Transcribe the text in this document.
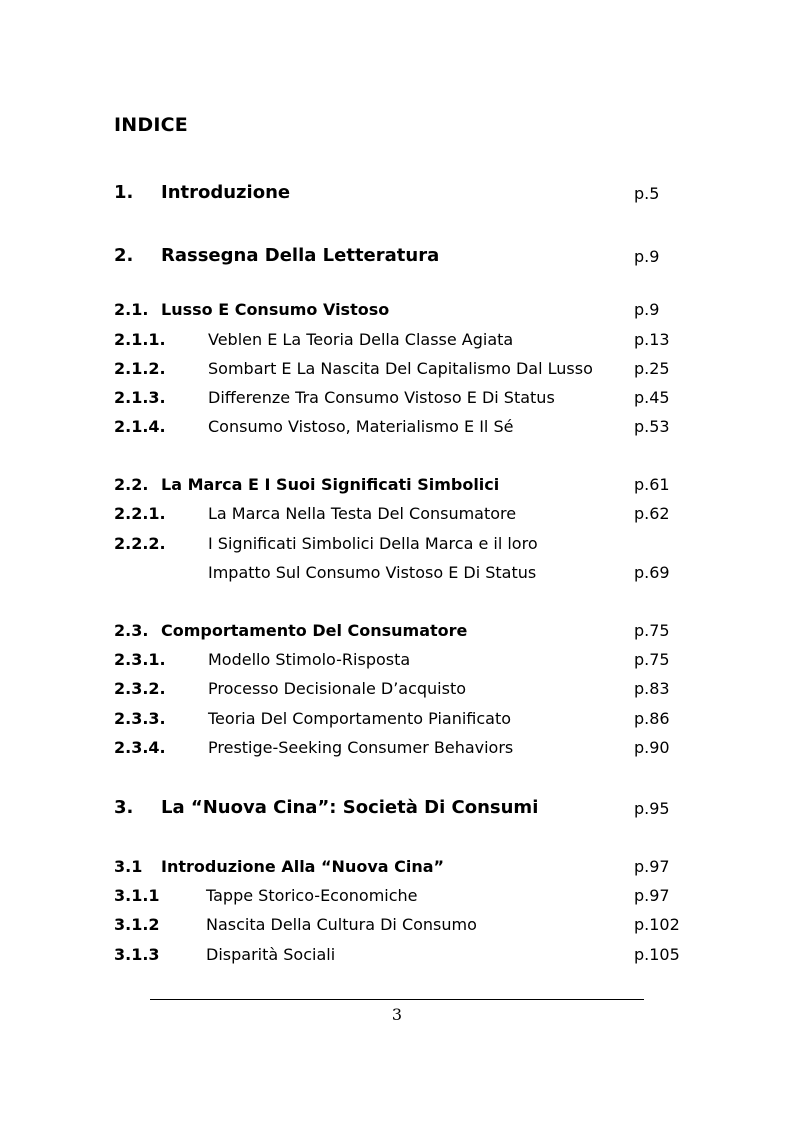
INDICE
1. Introduzione	p.5
2. Rassegna Della Letteratura	p.9
2.1. Lusso E Consumo Vistoso	p.9
2.1.1.	Veblen E La Teoria Della Classe Agiata	p.13
2.1.2.	Sombart E La Nascita Del Capitalismo Dal Lusso	p.25
2.1.3.	Differenze Tra Consumo Vistoso E Di Status	p.45
2.1.4.	Consumo Vistoso, Materialismo E Il Sé	p.53
2.2. La Marca E I Suoi Significati Simbolici	p.61
2.2.1.	La Marca Nella Testa Del Consumatore	p.62
2.2.2.	I Significati Simbolici Della Marca e il loro
Impatto Sul Consumo Vistoso E Di Status	p.69
2.3. Comportamento Del Consumatore	p.75
2.3.1.	Modello Stimolo-Risposta	p.75
2.3.2.	Processo Decisionale D’acquisto	p.83
2.3.3.	Teoria Del Comportamento Pianificato	p.86
2.3.4.	Prestige-Seeking Consumer Behaviors	p.90
3. La “Nuova Cina”: Società Di Consumi	p.95
3.1 Introduzione Alla “Nuova Cina”	p.97
3.1.1	Tappe Storico-Economiche	p.97
3.1.2	Nascita Della Cultura Di Consumo	p.102
3.1.3	Disparità Sociali	p.105
3
